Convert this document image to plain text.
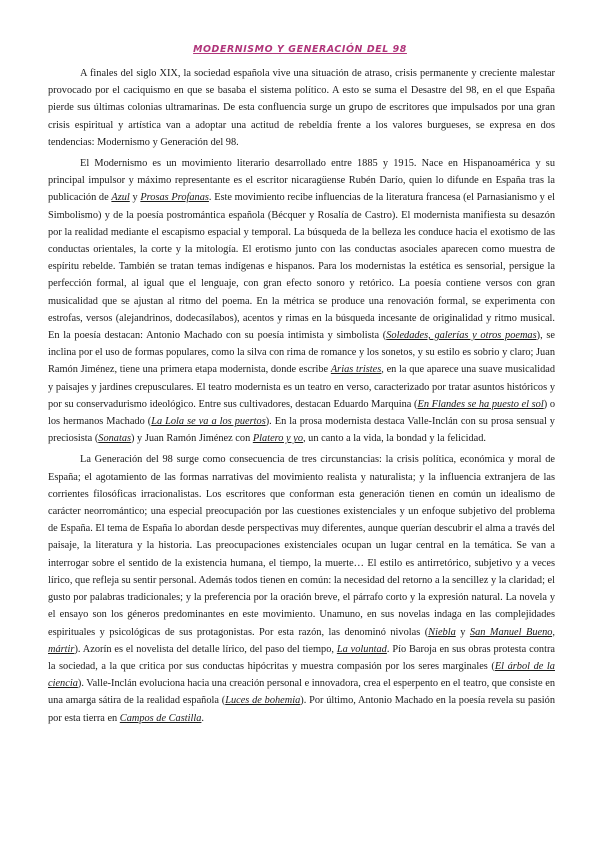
MODERNISMO Y GENERACIÓN DEL 98

A finales del siglo XIX, la sociedad española vive una situación de atraso, crisis permanente y creciente malestar provocado por el caciquismo en que se basaba el sistema político. A esto se suma el Desastre del 98, en el que España pierde sus últimas colonias ultramarinas. De esta confluencia surge un grupo de escritores que impulsados por una gran crisis espiritual y artística van a adoptar una actitud de rebeldía frente a los valores burgueses, se expresa en dos tendencias: Modernismo y Generación del 98.

El Modernismo es un movimiento literario desarrollado entre 1885 y 1915. Nace en Hispanoamérica y su principal impulsor y máximo representante es el escritor nicaragüense Rubén Darío, quien lo difunde en España tras la publicación de Azul y Prosas Profanas. Este movimiento recibe influencias de la literatura francesa (el Parnasianismo y el Simbolismo) y de la poesía postromántica española (Bécquer y Rosalía de Castro). El modernista manifiesta su desazón por la realidad mediante el escapismo espacial y temporal. La búsqueda de la belleza les conduce hacia el exotismo de las conductas orientales, la corte y la mitología. El erotismo junto con las conductas asociales aparecen como muestra de espíritu rebelde. También se tratan temas indígenas e hispanos. Para los modernistas la estética es sensorial, persigue la perfección formal, al igual que el lenguaje, con gran efecto sonoro y retórico. La poesía contiene versos con gran musicalidad que se ajustan al ritmo del poema. En la métrica se produce una renovación formal, se experimenta con estrofas, versos (alejandrinos, dodecasílabos), acentos y rimas en la búsqueda incesante de originalidad y ritmo musical. En la poesía destacan: Antonio Machado con su poesía intimista y simbolista (Soledades, galerías y otros poemas), se inclina por el uso de formas populares, como la silva con rima de romance y los sonetos, y su estilo es sobrio y claro; Juan Ramón Jiménez, tiene una primera etapa modernista, donde escribe Arias tristes, en la que aparece una suave musicalidad y paisajes y jardines crepusculares. El teatro modernista es un teatro en verso, caracterizado por tratar asuntos históricos y por su conservadurismo ideológico. Entre sus cultivadores, destacan Eduardo Marquina (En Flandes se ha puesto el sol) o los hermanos Machado (La Lola se va a los puertos). En la prosa modernista destaca Valle-Inclán con su prosa sensual y preciosista (Sonatas) y Juan Ramón Jiménez con Platero y yo, un canto a la vida, la bondad y la felicidad.

La Generación del 98 surge como consecuencia de tres circunstancias: la crisis política, económica y moral de España; el agotamiento de las formas narrativas del movimiento realista y naturalista; y la influencia extranjera de las corrientes filosóficas irracionalistas. Los escritores que conforman esta generación tienen en común un idealismo de carácter neorromántico; una especial preocupación por las cuestiones existenciales y un enfoque subjetivo del problema de España. El tema de España lo abordan desde perspectivas muy diferentes, aunque querían descubrir el alma a través del paisaje, la literatura y la historia. Las preocupaciones existenciales ocupan un lugar central en la temática. Se van a interrogar sobre el sentido de la existencia humana, el tiempo, la muerte… El estilo es antirretórico, subjetivo y a veces lírico, que refleja su sentir personal. Además todos tienen en común: la necesidad del retorno a la sencillez y la claridad; el gusto por palabras tradicionales; y la preferencia por la oración breve, el párrafo corto y la expresión natural. La novela y el ensayo son los géneros predominantes en este movimiento. Unamuno, en sus novelas indaga en las complejidades espirituales y psicológicas de sus protagonistas. Por esta razón, las denominó nivolas (Niebla y San Manuel Bueno, mártir). Azorín es el novelista del detalle lírico, del paso del tiempo, La voluntad. Pío Baroja en sus obras protesta contra la sociedad, a la que critica por sus conductas hipócritas y muestra compasión por los seres marginales (El árbol de la ciencia). Valle-Inclán evoluciona hacia una creación personal e innovadora, crea el esperpento en el teatro, que consiste en una amarga sátira de la realidad española (Luces de bohemia). Por último, Antonio Machado en la poesía revela su pasión por esta tierra en Campos de Castilla.
